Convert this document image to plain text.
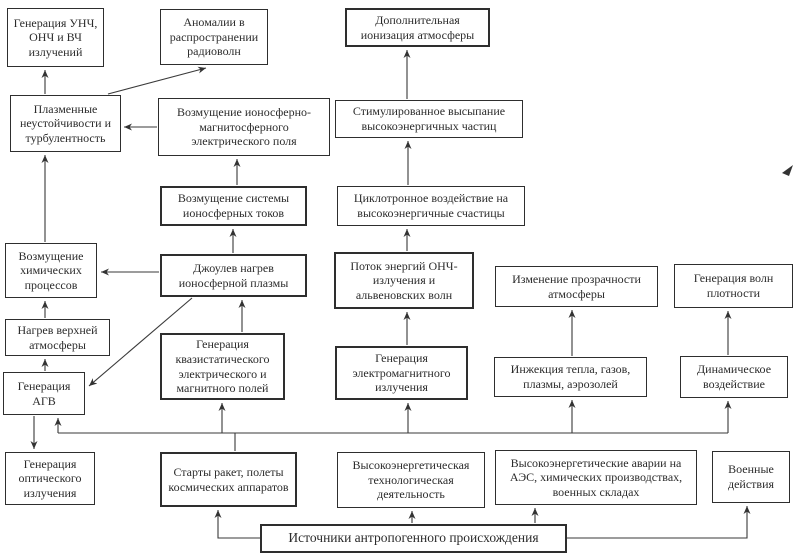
Генерация УНЧ, ОНЧ и ВЧ излучений
Аномалии в распространении радиоволн
Дополнительная ионизация атмосферы
Плазменные неустойчивости и турбулентность
Возмущение ионосферно-магнитосферного электрического поля
Стимулированное высыпание высокоэнергичных частиц
Возмущение системы ионосферных токов
Циклотронное воздействие на высокоэнергичные счастицы
Возмущение химических процессов
Джоулев нагрев ионосферной плазмы
Поток энергий ОНЧ-излучения и альвеновских волн
Изменение прозрачности атмосферы
Генерация волн плотности
Нагрев верхней атмосферы	Генерация квазистатического электрического и магнитного полей
Генерация электромагнитного излучения
Инжекция тепла, газов, плазмы, аэрозолей
Динамическое воздействие
Генерация АГВ
Генерация оптического излучения
Старты ракет, полеты космических аппаратов
Высокоэнергетическая технологическая деятельность
Высокоэнергетические аварии на АЭС, химических производствах, военных складах
Военные действия
Источники антропогенного происхождения
